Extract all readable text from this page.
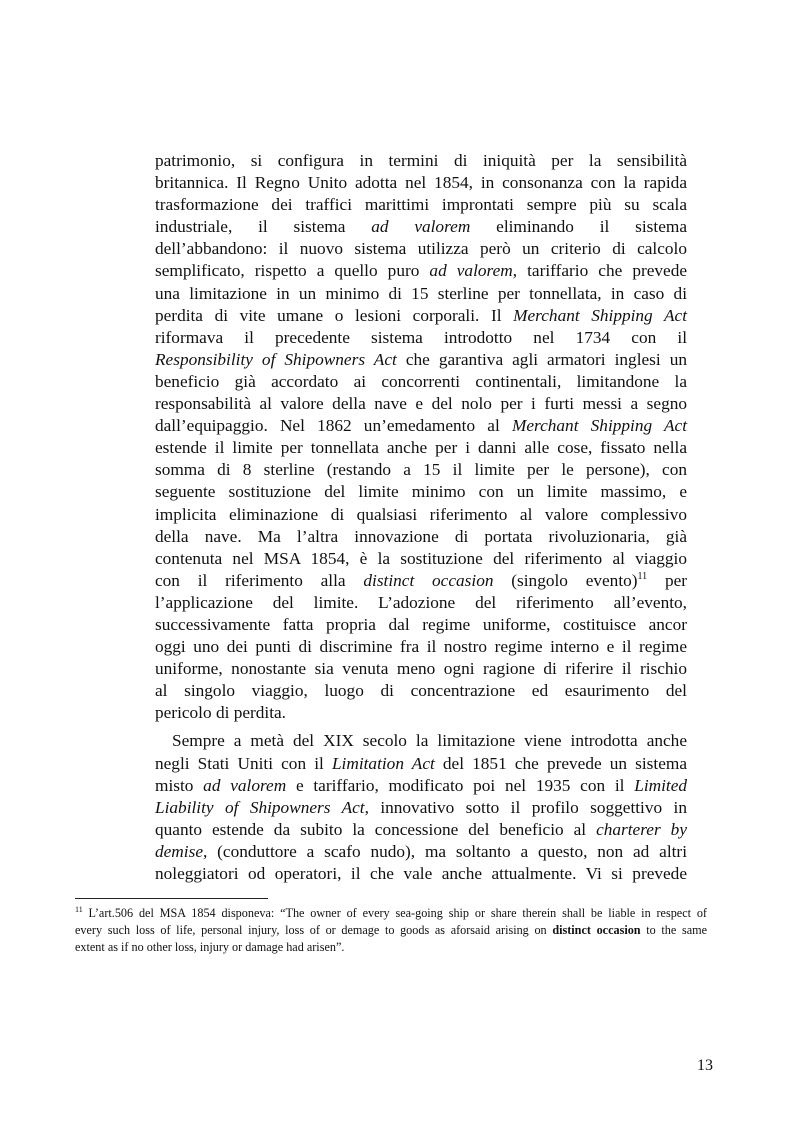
patrimonio, si configura in termini di iniquità per la sensibilità
britannica. Il Regno Unito adotta nel 1854, in consonanza con la rapida
trasformazione dei traffici marittimi improntati sempre più su scala
industriale, il sistema ad valorem eliminando il sistema
dell’abbandono: il nuovo sistema utilizza però un criterio di calcolo
semplificato, rispetto a quello puro ad valorem, tariffario che prevede
una limitazione in un minimo di 15 sterline per tonnellata, in caso di
perdita di vite umane o lesioni corporali. Il Merchant Shipping Act
riformava il precedente sistema introdotto nel 1734 con il
Responsibility of Shipowners Act che garantiva agli armatori inglesi un
beneficio già accordato ai concorrenti continentali, limitandone la
responsabilità al valore della nave e del nolo per i furti messi a segno
dall’equipaggio. Nel 1862 un’emedamento al Merchant Shipping Act
estende il limite per tonnellata anche per i danni alle cose, fissato nella
somma di 8 sterline (restando a 15 il limite per le persone), con
seguente sostituzione del limite minimo con un limite massimo, e
implicita eliminazione di qualsiasi riferimento al valore complessivo
della nave. Ma l’altra innovazione di portata rivoluzionaria, già
contenuta nel MSA 1854, è la sostituzione del riferimento al viaggio
con il riferimento alla distinct occasion (singolo evento)$^{11}$ per
l’applicazione del limite. L’adozione del riferimento all’evento,
successivamente fatta propria dal regime uniforme, costituisce ancor
oggi uno dei punti di discrimine fra il nostro regime interno e il regime
uniforme, nonostante sia venuta meno ogni ragione di riferire il rischio
al singolo viaggio, luogo di concentrazione ed esaurimento del
pericolo di perdita.
Sempre a metà del XIX secolo la limitazione viene introdotta anche
negli Stati Uniti con il Limitation Act del 1851 che prevede un sistema
misto ad valorem e tariffario, modificato poi nel 1935 con il Limited
Liability of Shipowners Act, innovativo sotto il profilo soggettivo in
quanto estende da subito la concessione del beneficio al charterer by
demise, (conduttore a scafo nudo), ma soltanto a questo, non ad altri
noleggiatori od operatori, il che vale anche attualmente. Vi si prevede
$^{11}$ L’art.506 del MSA 1854 disponeva: “The owner of every sea-going ship or share therein shall be liable in respect of
every such loss of life, personal injury, loss of or demage to goods as aforsaid arising on distinct occasion to the same
extent as if no other loss, injury or damage had arisen”.
13
